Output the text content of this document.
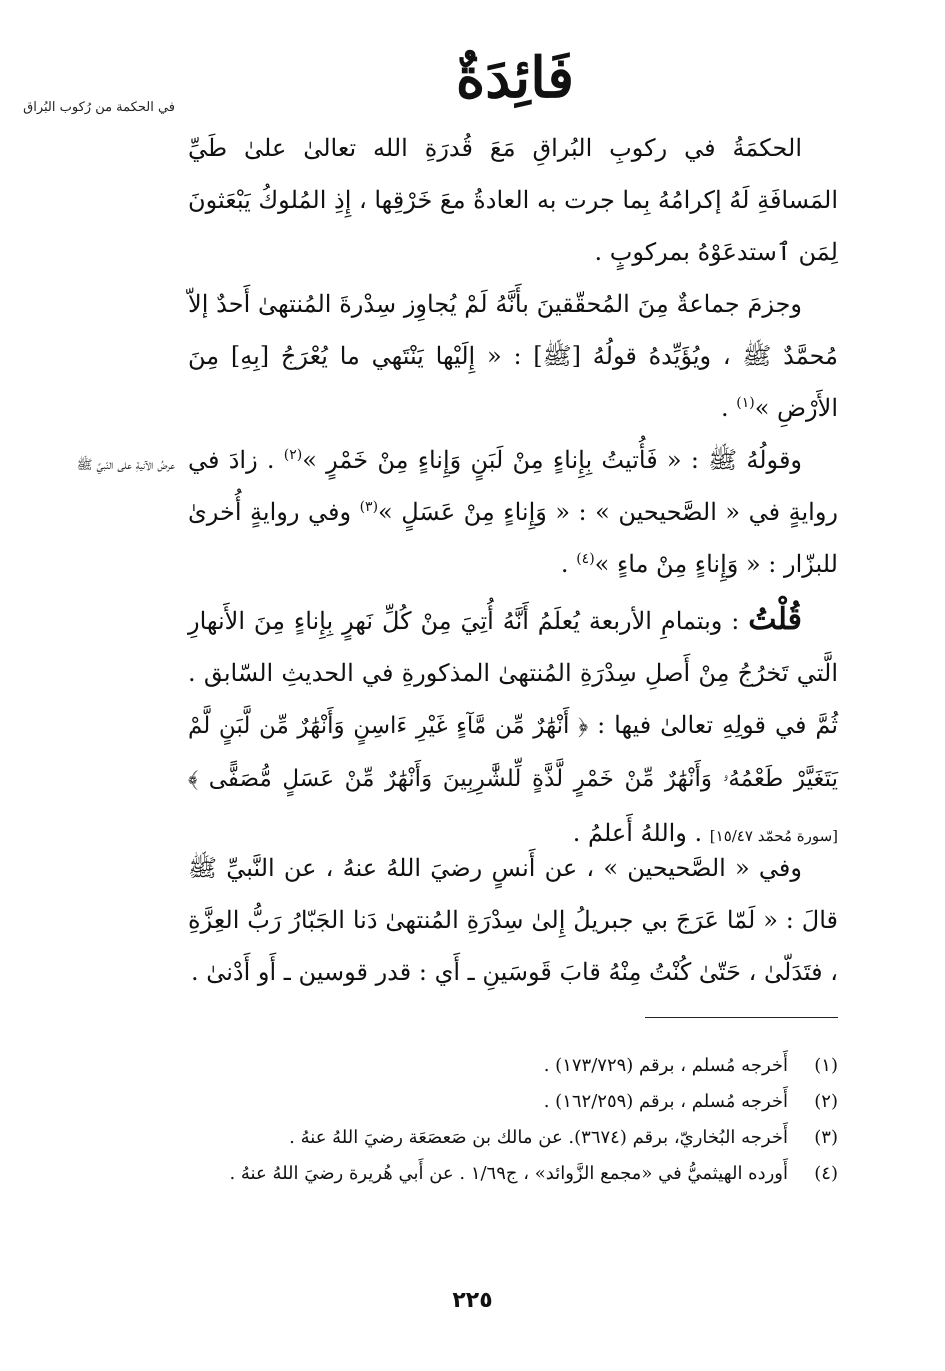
فَائِدَةٌ
في الحكمة من رُكوب البُراق
عرضُ الآنيةِ على النّبيِّ ﷺ

الحكمَةُ في ركوبِ البُراقِ مَعَ قُدرَةِ الله تعالىٰ علىٰ طَيِّ المَسافَةِ لَهُ إكرامُهُ بِما جرت به العادةُ معَ خَرْقِها ، إِذِ المُلوكُ يَبْعَثونَ لِمَن ٱستدعَوْهُ بمركوبٍ .

وجزمَ جماعةٌ مِنَ المُحقّقينَ بأَنَّهُ لَمْ يُجاوِز سِدْرةَ المُنتهىٰ أَحدٌ إلاّ مُحمَّدٌ ﷺ ، ويُؤَيِّدهُ قولُهُ [ﷺ] : « إِلَيْها يَنْتَهي ما يُعْرَجُ [بِهِ] مِنَ الأَرْضِ »$^{(١)}$ .

وقولُهُ ﷺ : « فَأُتيتُ بِإِناءٍ مِنْ لَبَنٍ وَإِناءٍ مِنْ خَمْرٍ »$^{(٢)}$ . زادَ في روايةٍ في « الصَّحيحين » : « وَإِناءٍ مِنْ عَسَلٍ »$^{(٣)}$ وفي روايةٍ أُخرىٰ للبزّار : « وَإِناءٍ مِنْ ماءٍ »$^{(٤)}$ .

قُلْتُ : وبتمامِ الأربعة يُعلَمُ أَنَّهُ أُتِيَ مِنْ كُلِّ نَهرٍ بِإِناءٍ مِنَ الأَنهارِ الَّتي تَخرُجُ مِنْ أَصلِ سِدْرَةِ المُنتهىٰ المذكورةِ في الحديثِ السّابق . ثُمَّ في قولِهِ تعالىٰ فيها : ﴿ أَنْهَٰرٌ مِّن مَّآءٍ غَيْرِ ءَاسِنٍ وَأَنْهَٰرٌ مِّن لَّبَنٍ لَّمْ يَتَغَيَّرْ طَعْمُهُۥ وَأَنْهَٰرٌ مِّنْ خَمْرٍ لَّذَّةٍ لِّلشَّٰرِبِينَ وَأَنْهَٰرٌ مِّنْ عَسَلٍ مُّصَفًّى ﴾ [سورة مُحمّد ١٥/٤٧] . واللهُ أَعلمُ .

وفي « الصَّحيحين » ، عن أَنسٍ رضيَ اللهُ عنهُ ، عن النَّبيِّ ﷺ قالَ : « لَمّا عَرَجَ بي جبريلُ إِلىٰ سِدْرَةِ المُنتهىٰ دَنا الجَبّارُ رَبُّ العِزَّةِ ، فتَدَلّىٰ ، حَتّىٰ كُنْتُ مِنْهُ قابَ قَوسَينِ ـ أَي : قدر قوسين ـ أَو أَدْنىٰ .

(١)
أَخرجه مُسلم ، برقم (١٧٣/٧٢٩) .
(٢)
أَخرجه مُسلم ، برقم (١٦٢/٢٥٩) .
(٣)
أَخرجه البُخاريّ، برقم (٣٦٧٤). عن مالك بن صَعصَعَة رضيَ اللهُ عنهُ .
(٤)
أَورده الهيثميُّ في «مجمع الزَّوائد» ، ج١/٦٩ . عن أَبي هُريرة رضيَ اللهُ عنهُ .
٢٢٥
